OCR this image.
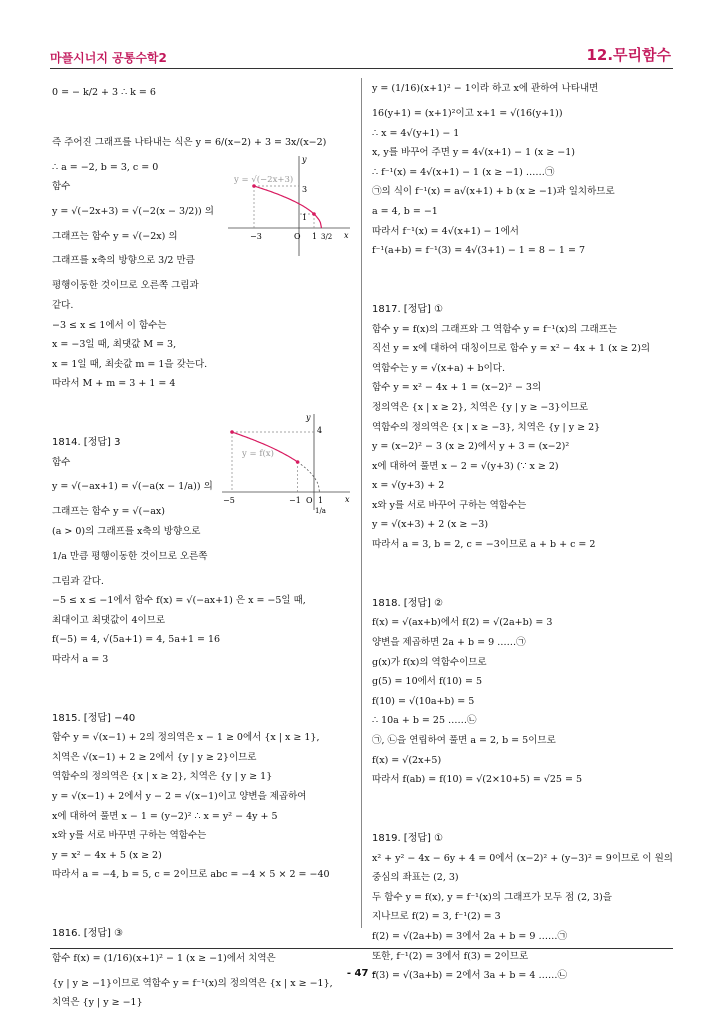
마플시너지 공통수학2	12.무리함수
0 = − k/2 + 3 ∴ k = 6
즉 주어진 그래프를 나타내는 식은 y = 6/(x−2) + 3 = 3x/(x−2)
∴ a = −2, b = 3, c = 0
함수
y = √(−2x+3) = √(−2(x − 3/2)) 의
그래프는 함수 y = √(−2x) 의
그래프를 x축의 방향으로 3/2 만큼
평행이동한 것이므로 오른쪽 그림과
같다.
−3 ≤ x ≤ 1에서 이 함수는
x = −3일 때, 최댓값 M = 3,
x = 1일 때, 최솟값 m = 1을 갖는다.
따라서 M + m = 3 + 1 = 4
1814. [정답] 3
함수
y = √(−ax+1) = √(−a(x − 1/a)) 의
그래프는 함수 y = √(−ax)
(a > 0)의 그래프를 x축의 방향으로
1/a 만큼 평행이동한 것이므로 오른쪽
그림과 같다.
−5 ≤ x ≤ −1에서 함수 f(x) = √(−ax+1) 은 x = −5일 때,
최대이고 최댓값이 4이므로
f(−5) = 4, √(5a+1) = 4, 5a+1 = 16
따라서 a = 3
1815. [정답] −40
함수 y = √(x−1) + 2의 정의역은 x − 1 ≥ 0에서 {x | x ≥ 1},
치역은 √(x−1) + 2 ≥ 2에서 {y | y ≥ 2}이므로
역함수의 정의역은 {x | x ≥ 2}, 치역은 {y | y ≥ 1}
y = √(x−1) + 2에서 y − 2 = √(x−1)이고 양변을 제곱하여
x에 대하여 풀면 x − 1 = (y−2)² ∴ x = y² − 4y + 5
x와 y를 서로 바꾸면 구하는 역함수는
y = x² − 4x + 5 (x ≥ 2)
따라서 a = −4, b = 5, c = 2이므로 abc = −4 × 5 × 2 = −40
1816. [정답] ③
함수 f(x) = (1/16)(x+1)² − 1 (x ≥ −1)에서 치역은
{y | y ≥ −1}이므로 역함수 y = f⁻¹(x)의 정의역은 {x | x ≥ −1},
치역은 {y | y ≥ −1}
y = (1/16)(x+1)² − 1이라 하고 x에 관하여 나타내면
16(y+1) = (x+1)²이고 x+1 = √(16(y+1))
∴ x = 4√(y+1) − 1
x, y를 바꾸어 주면 y = 4√(x+1) − 1 (x ≥ −1)
∴ f⁻¹(x) = 4√(x+1) − 1 (x ≥ −1) ……㉠
㉠의 식이 f⁻¹(x) = a√(x+1) + b (x ≥ −1)과 일치하므로
a = 4, b = −1
따라서 f⁻¹(x) = 4√(x+1) − 1에서
f⁻¹(a+b) = f⁻¹(3) = 4√(3+1) − 1 = 8 − 1 = 7
1817. [정답] ①
함수 y = f(x)의 그래프와 그 역함수 y = f⁻¹(x)의 그래프는
직선 y = x에 대하여 대칭이므로 함수 y = x² − 4x + 1 (x ≥ 2)의
역함수는 y = √(x+a) + b이다.
함수 y = x² − 4x + 1 = (x−2)² − 3의
정의역은 {x | x ≥ 2}, 치역은 {y | y ≥ −3}이므로
역함수의 정의역은 {x | x ≥ −3}, 치역은 {y | y ≥ 2}
y = (x−2)² − 3 (x ≥ 2)에서 y + 3 = (x−2)²
x에 대하여 풀면 x − 2 = √(y+3) (∵ x ≥ 2)
x = √(y+3) + 2
x와 y를 서로 바꾸어 구하는 역함수는
y = √(x+3) + 2 (x ≥ −3)
따라서 a = 3, b = 2, c = −3이므로 a + b + c = 2
1818. [정답] ②
f(x) = √(ax+b)에서 f(2) = √(2a+b) = 3
양변을 제곱하면 2a + b = 9 ……㉠
g(x)가 f(x)의 역함수이므로
g(5) = 10에서 f(10) = 5
f(10) = √(10a+b) = 5
∴ 10a + b = 25 ……㉡
㉠, ㉡을 연립하여 풀면 a = 2, b = 5이므로
f(x) = √(2x+5)
따라서 f(ab) = f(10) = √(2×10+5) = √25 = 5
1819. [정답] ①
x² + y² − 4x − 6y + 4 = 0에서 (x−2)² + (y−3)² = 9이므로 이 원의
중심의 좌표는 (2, 3)
두 함수 y = f(x), y = f⁻¹(x)의 그래프가 모두 점 (2, 3)을
지나므로 f(2) = 3, f⁻¹(2) = 3
f(2) = √(2a+b) = 3에서 2a + b = 9 ……㉠
또한, f⁻¹(2) = 3에서 f(3) = 2이므로
f(3) = √(3a+b) = 2에서 3a + b = 4 ……㉡
y = √(−2x+3)
x
y
O
−3	1 3/2
3
1
y = f(x)
x
y
O
−5	−1 1
1/a
4
- 47 -
